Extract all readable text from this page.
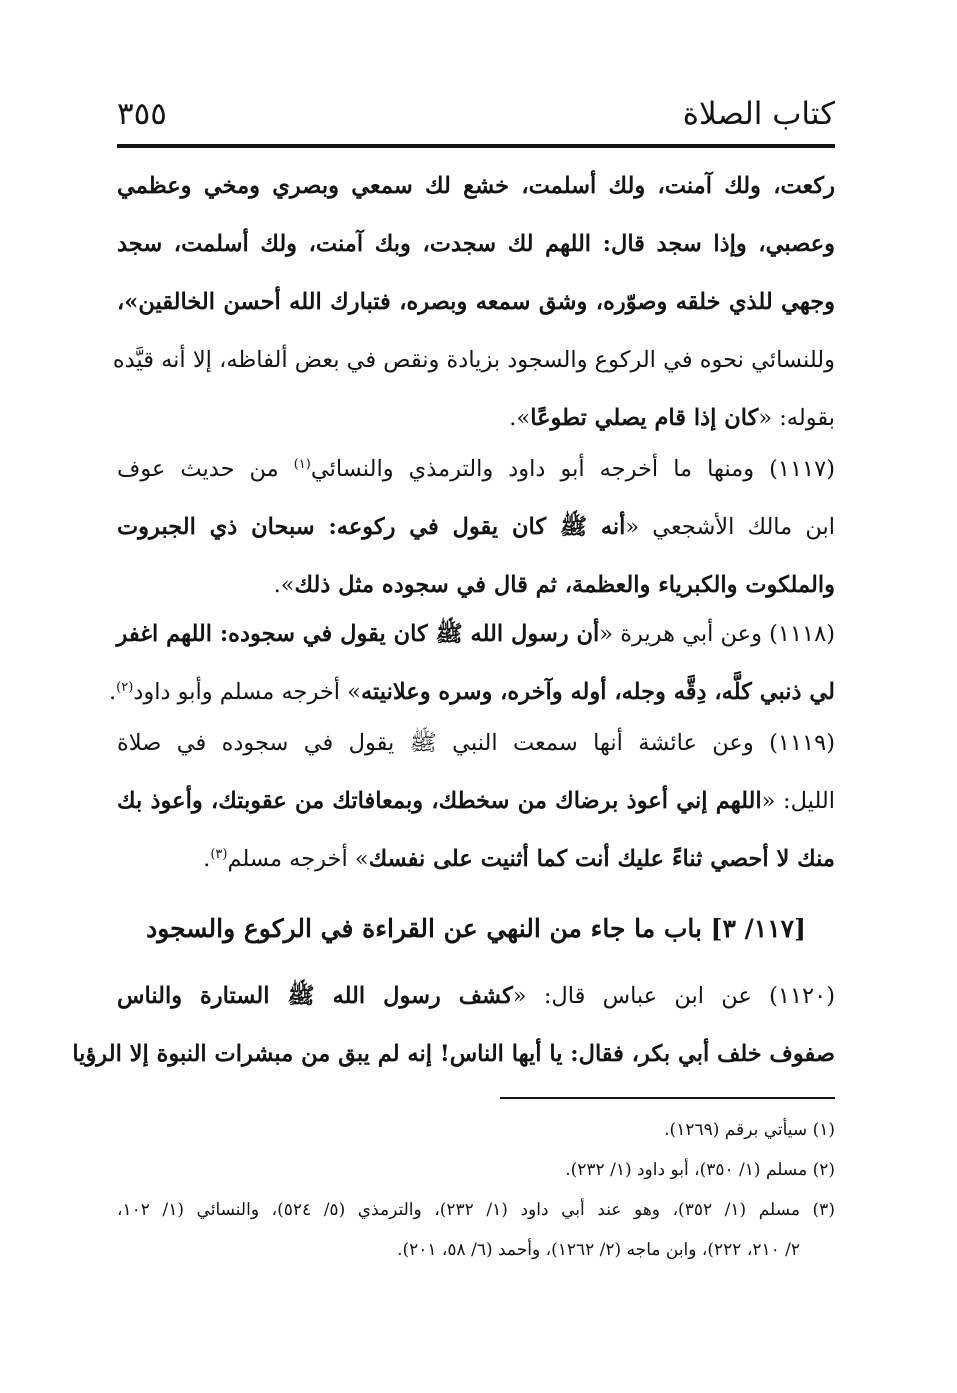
كتاب الصلاة
٣٥٥
ركعت، ولك آمنت، ولك أسلمت، خشع لك سمعي وبصري ومخي وعظمي
وعصبي، وإذا سجد قال: اللهم لك سجدت، وبك آمنت، ولك أسلمت، سجد
وجهي للذي خلقه وصوّره، وشق سمعه وبصره، فتبارك الله أحسن الخالقين»،
وللنسائي نحوه في الركوع والسجود بزيادة ونقص في بعض ألفاظه، إلا أنه قيَّده
بقوله: «كان إذا قام يصلي تطوعًا».
(١١١٧) ومنها ما أخرجه أبو داود والترمذي والنسائي$^{(١)}$ من حديث عوف
ابن مالك الأشجعي «أنه ﷺ كان يقول في ركوعه: سبحان ذي الجبروت
والملكوت والكبرياء والعظمة، ثم قال في سجوده مثل ذلك».
(١١١٨) وعن أبي هريرة «أن رسول الله ﷺ كان يقول في سجوده: اللهم اغفر
لي ذنبي كلَّه، دِقَّه وجله، أوله وآخره، وسره وعلانيته» أخرجه مسلم وأبو داود$^{(٢)}$.
(١١١٩) وعن عائشة أنها سمعت النبي ﷺ يقول في سجوده في صلاة
الليل: «اللهم إني أعوذ برضاك من سخطك، وبمعافاتك من عقوبتك، وأعوذ بك
منك لا أحصي ثناءً عليك أنت كما أثنيت على نفسك» أخرجه مسلم$^{(٣)}$.
[١١٧/ ٣] باب ما جاء من النهي عن القراءة في الركوع والسجود
(١١٢٠) عن ابن عباس قال: «كشف رسول الله ﷺ الستارة والناس
صفوف خلف أبي بكر، فقال: يا أيها الناس! إنه لم يبق من مبشرات النبوة إلا الرؤيا
(١) سيأتي برقم (١٢٦٩).
(٢) مسلم (١/ ٣٥٠)، أبو داود (١/ ٢٣٢).
(٣) مسلم (١/ ٣٥٢)، وهو عند أبي داود (١/ ٢٣٢)، والترمذي (٥/ ٥٢٤)، والنسائي (١/ ١٠٢،
٢/ ٢١٠، ٢٢٢)، وابن ماجه (٢/ ١٢٦٢)، وأحمد (٦/ ٥٨، ٢٠١).
